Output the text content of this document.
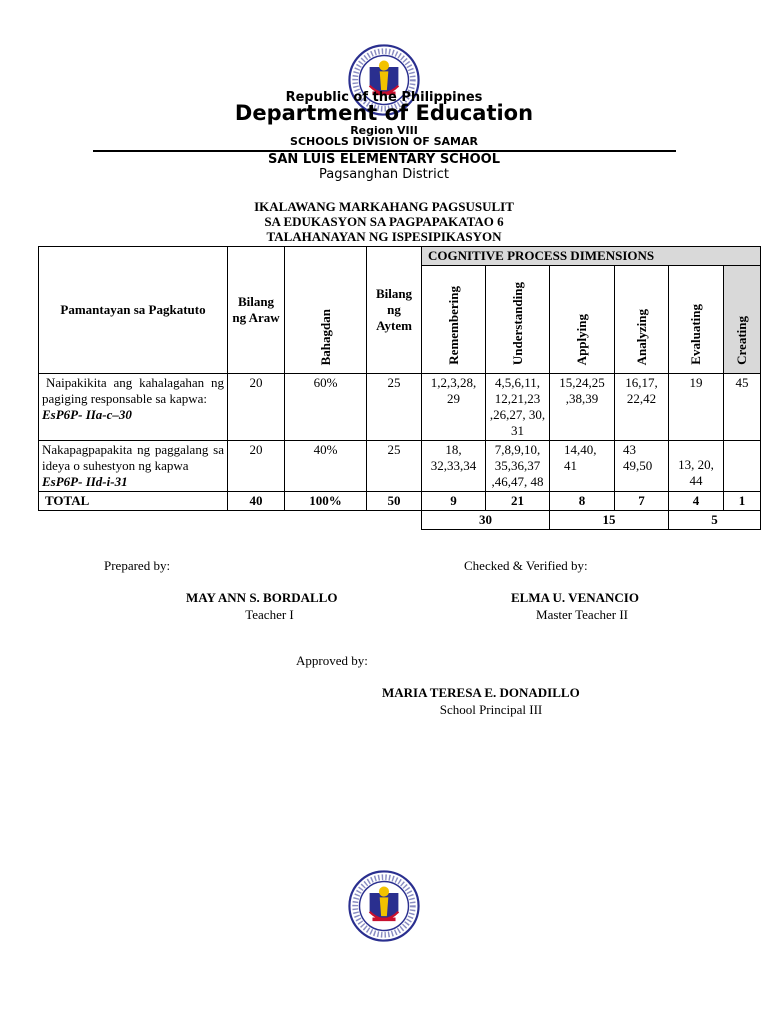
Republic of the Philippines
Department of Education
Region VIII
SCHOOLS DIVISION OF SAMAR
SAN LUIS ELEMENTARY SCHOOL
Pagsanghan District
IKALAWANG MARKAHANG PAGSUSULIT
SA EDUKASYON SA PAGPAPAKATAO 6
TALAHANAYAN NG ISPESIPIKASYON
Pamantayan sa Pagkatuto	Bilang ng Araw	Bahagdan	Bilang ng Aytem	COGNITIVE PROCESS DIMENSIONS					
				Remembering	Understanding	Applying	Analyzing	Evaluating	Creating

Naipakikita ang kahalagahan ng pagiging responsable sa kapwa:
EsP6P- IIa-c–30	20	60%	25	1,2,3,28, 29	4,5,6,11, 12,21,23 ,26,27, 30, 31	15,24,25 ,38,39	16,17, 22,42	19	45

Nakapagpapakita ng paggalang sa ideya o suhestyon ng kapwa
EsP6P- IId-i-31	20	40%	25	18, 32,33,34	7,8,9,10, 35,36,37 ,46,47, 48	14,40, 41	43 49,50	13, 20, 44	
TOTAL	40	100%	50	9	21	8	7	4	1
				30		15		5	
Prepared by:	Checked & Verified by:
MAY ANN S. BORDALLO
Teacher I
ELMA U. VENANCIO
Master Teacher II
Approved by:
MARIA TERESA E. DONADILLO
School Principal III
